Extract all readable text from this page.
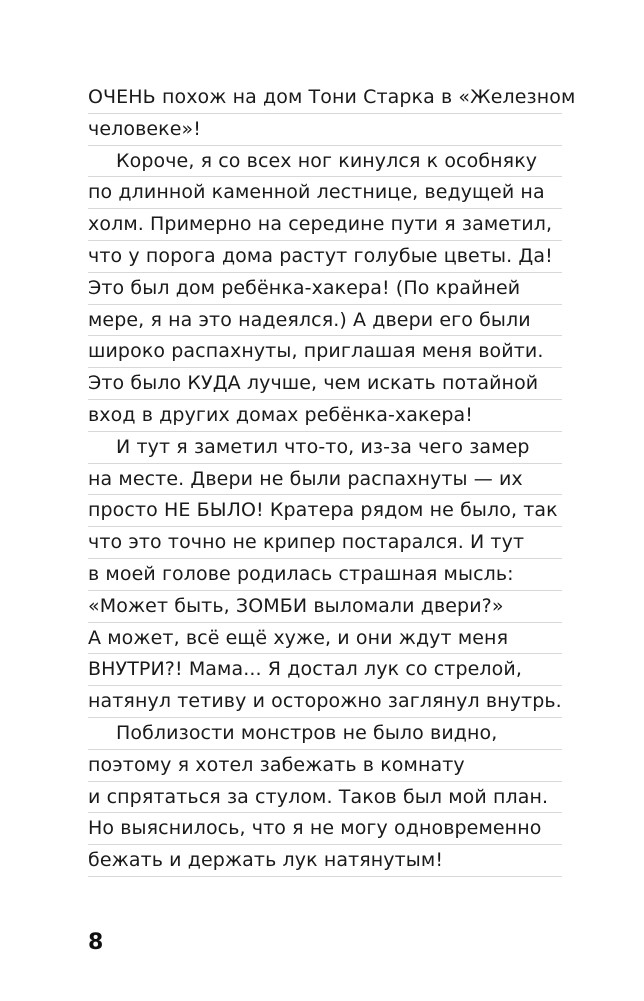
ОЧЕНЬ похож на дом Тони Старка в «Железном
человеке»!
Короче, я со всех ног кинулся к особняку
по длинной каменной лестнице, ведущей на
холм. Примерно на середине пути я заметил,
что у порога дома растут голубые цветы. Да!
Это был дом ребёнка-хакера! (По крайней
мере, я на это надеялся.) А двери его были
широко распахнуты, приглашая меня войти.
Это было КУДА лучше, чем искать потайной
вход в других домах ребёнка-хакера!
И тут я заметил что-то, из-за чего замер
на месте. Двери не были распахнуты — их
просто НЕ БЫЛО! Кратера рядом не было, так
что это точно не крипер постарался. И тут
в моей голове родилась страшная мысль:
«Может быть, ЗОМБИ выломали двери?»
А может, всё ещё хуже, и они ждут меня
ВНУТРИ?! Мама... Я достал лук со стрелой,
натянул тетиву и осторожно заглянул внутрь.
Поблизости монстров не было видно,
поэтому я хотел забежать в комнату
и спрятаться за стулом. Таков был мой план.
Но выяснилось, что я не могу одновременно
бежать и держать лук натянутым!
8
